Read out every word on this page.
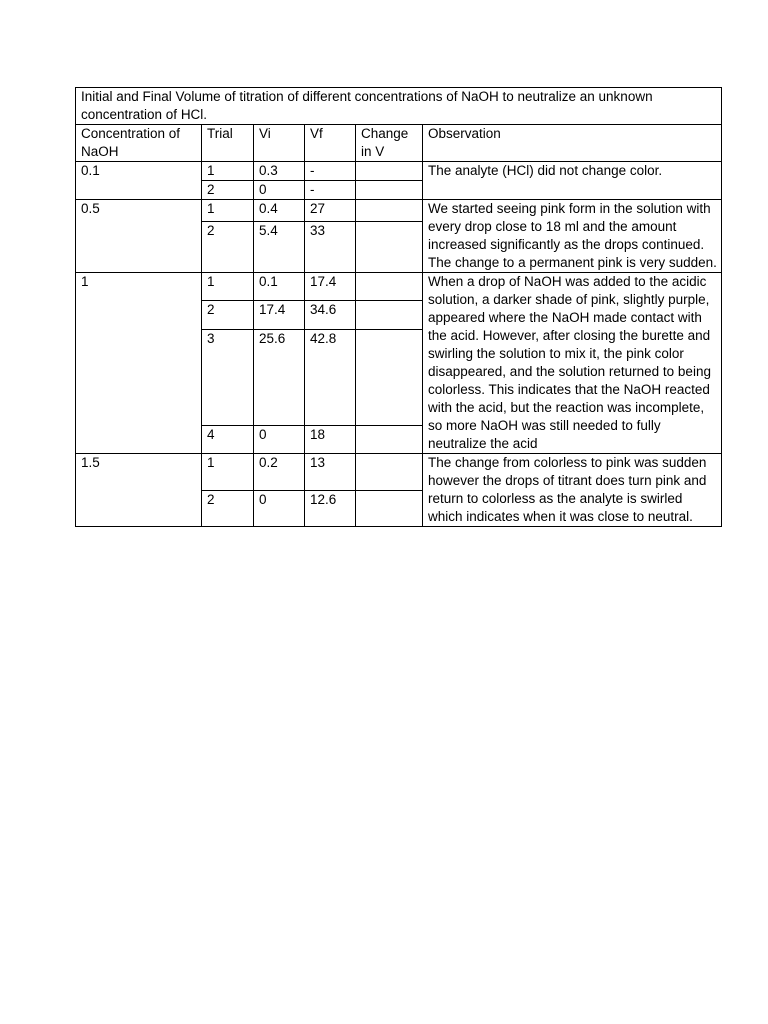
Initial and Final Volume of titration of different concentrations of NaOH to neutralize an unknown concentration of HCl.					
Concentration of NaOH	Trial	Vi	Vf	Change in V	Observation
0.1	1	0.3	-		The analyte (HCl) did not change color.
	2	0	-		
0.5	1	0.4	27		We started seeing pink form in the solution with every drop close to 18 ml and the amount increased significantly as the drops continued. The change to a permanent pink is very sudden.
	2	5.4	33		
1	1	0.1	17.4		When a drop of NaOH was added to the acidic solution, a darker shade of pink, slightly purple, appeared where the NaOH made contact with the acid. However, after closing the burette and swirling the solution to mix it, the pink color disappeared, and the solution returned to being colorless. This indicates that the NaOH reacted with the acid, but the reaction was incomplete, so more NaOH was still needed to fully neutralize the acid
	2	17.4	34.6		
	3	25.6	42.8		
	4	0	18		
1.5	1	0.2	13		The change from colorless to pink was sudden however the drops of titrant does turn pink and return to colorless as the analyte is swirled which indicates when it was close to neutral.
	2	0	12.6		
